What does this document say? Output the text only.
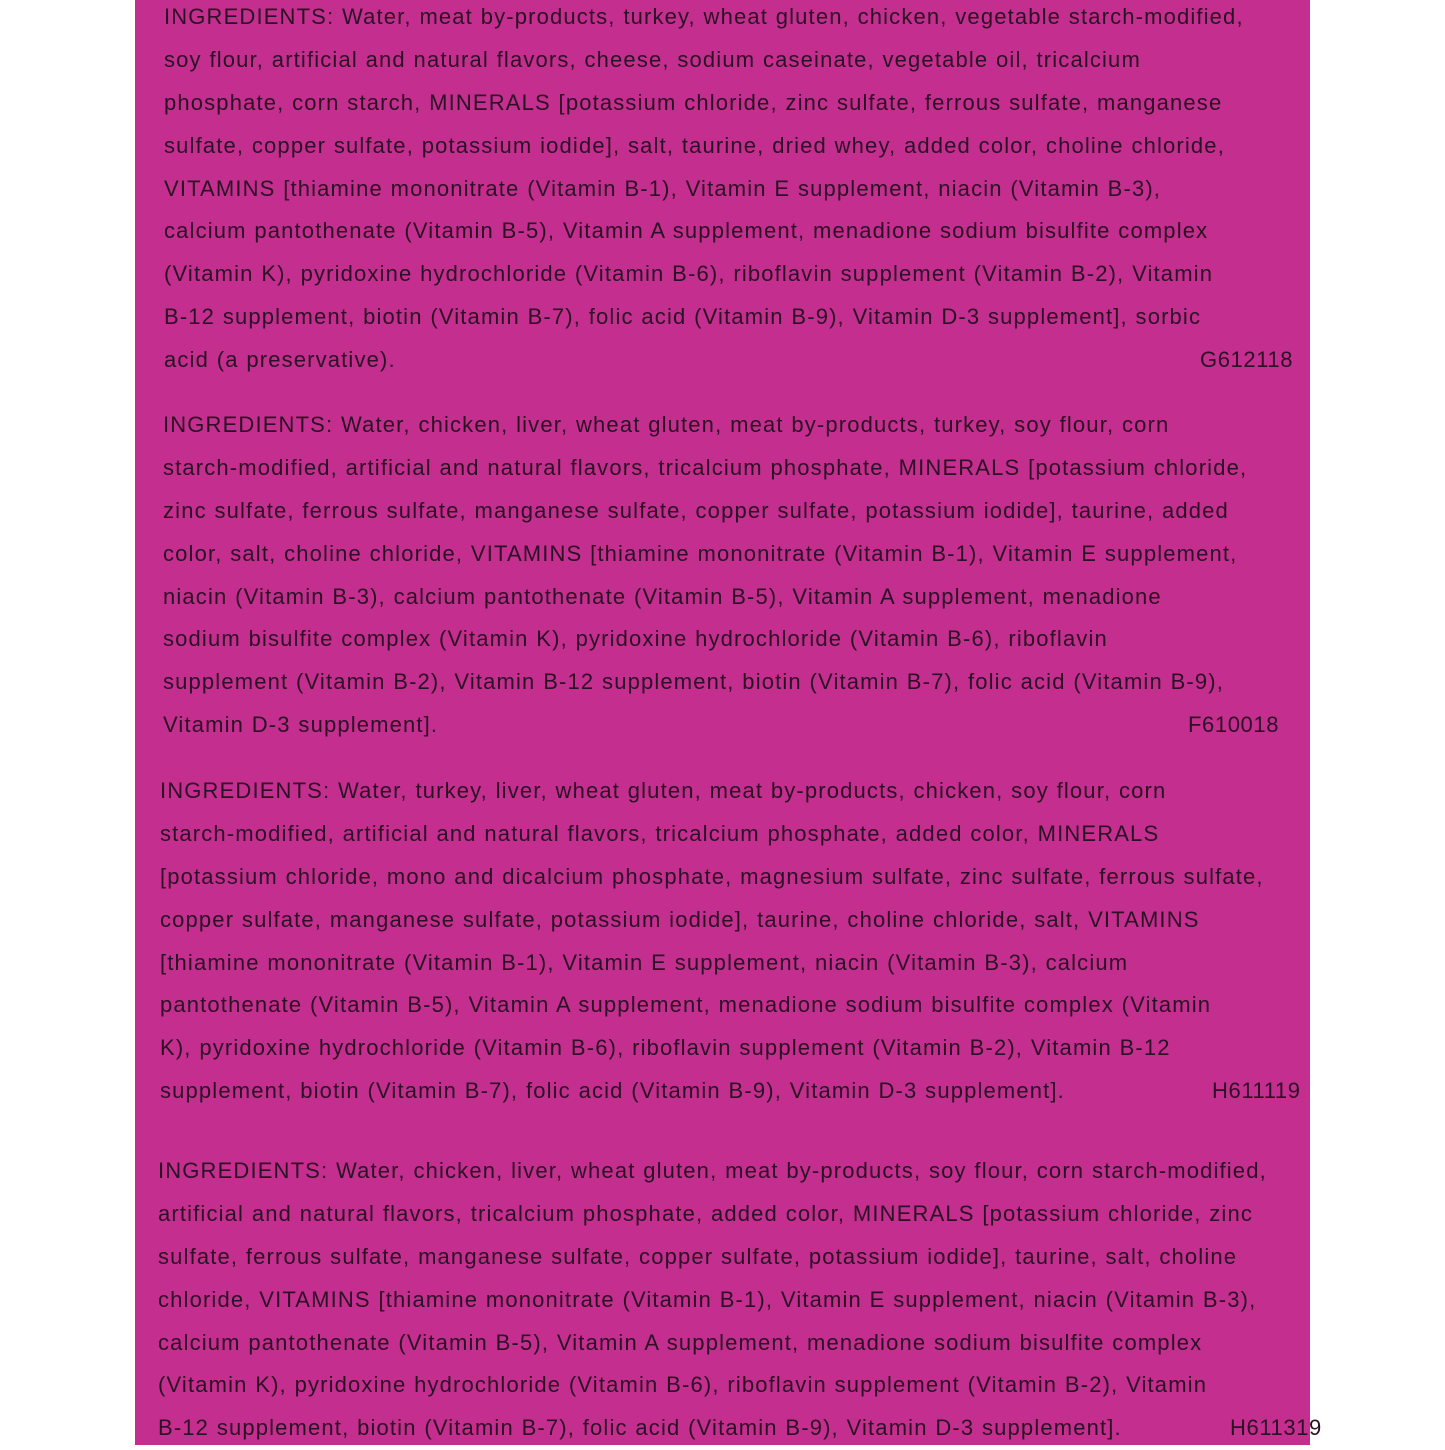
INGREDIENTS: Water, meat by-products, turkey, wheat gluten, chicken, vegetable starch-modified,
soy flour, artificial and natural flavors, cheese, sodium caseinate, vegetable oil, tricalcium
phosphate, corn starch, MINERALS [potassium chloride, zinc sulfate, ferrous sulfate, manganese
sulfate, copper sulfate, potassium iodide], salt, taurine, dried whey, added color, choline chloride,
VITAMINS [thiamine mononitrate (Vitamin B-1), Vitamin E supplement, niacin (Vitamin B-3),
calcium pantothenate (Vitamin B-5), Vitamin A supplement, menadione sodium bisulfite complex
(Vitamin K), pyridoxine hydrochloride (Vitamin B-6), riboflavin supplement (Vitamin B-2), Vitamin
B-12 supplement, biotin (Vitamin B-7), folic acid (Vitamin B-9), Vitamin D-3 supplement], sorbic
acid (a preservative).	G612118
INGREDIENTS: Water, chicken, liver, wheat gluten, meat by-products, turkey, soy flour, corn
starch-modified, artificial and natural flavors, tricalcium phosphate, MINERALS [potassium chloride,
zinc sulfate, ferrous sulfate, manganese sulfate, copper sulfate, potassium iodide], taurine, added
color, salt, choline chloride, VITAMINS [thiamine mononitrate (Vitamin B-1), Vitamin E supplement,
niacin (Vitamin B-3), calcium pantothenate (Vitamin B-5), Vitamin A supplement, menadione
sodium bisulfite complex (Vitamin K), pyridoxine hydrochloride (Vitamin B-6), riboflavin
supplement (Vitamin B-2), Vitamin B-12 supplement, biotin (Vitamin B-7), folic acid (Vitamin B-9),
Vitamin D-3 supplement].	F610018
INGREDIENTS: Water, turkey, liver, wheat gluten, meat by-products, chicken, soy flour, corn
starch-modified, artificial and natural flavors, tricalcium phosphate, added color, MINERALS
[potassium chloride, mono and dicalcium phosphate, magnesium sulfate, zinc sulfate, ferrous sulfate,
copper sulfate, manganese sulfate, potassium iodide], taurine, choline chloride, salt, VITAMINS
[thiamine mononitrate (Vitamin B-1), Vitamin E supplement, niacin (Vitamin B-3), calcium
pantothenate (Vitamin B-5), Vitamin A supplement, menadione sodium bisulfite complex (Vitamin
K), pyridoxine hydrochloride (Vitamin B-6), riboflavin supplement (Vitamin B-2), Vitamin B-12
supplement, biotin (Vitamin B-7), folic acid (Vitamin B-9), Vitamin D-3 supplement].	H611119
INGREDIENTS: Water, chicken, liver, wheat gluten, meat by-products, soy flour, corn starch-modified,
artificial and natural flavors, tricalcium phosphate, added color, MINERALS [potassium chloride, zinc
sulfate, ferrous sulfate, manganese sulfate, copper sulfate, potassium iodide], taurine, salt, choline
chloride, VITAMINS [thiamine mononitrate (Vitamin B-1), Vitamin E supplement, niacin (Vitamin B-3),
calcium pantothenate (Vitamin B-5), Vitamin A supplement, menadione sodium bisulfite complex
(Vitamin K), pyridoxine hydrochloride (Vitamin B-6), riboflavin supplement (Vitamin B-2), Vitamin
B-12 supplement, biotin (Vitamin B-7), folic acid (Vitamin B-9), Vitamin D-3 supplement].	H611319
